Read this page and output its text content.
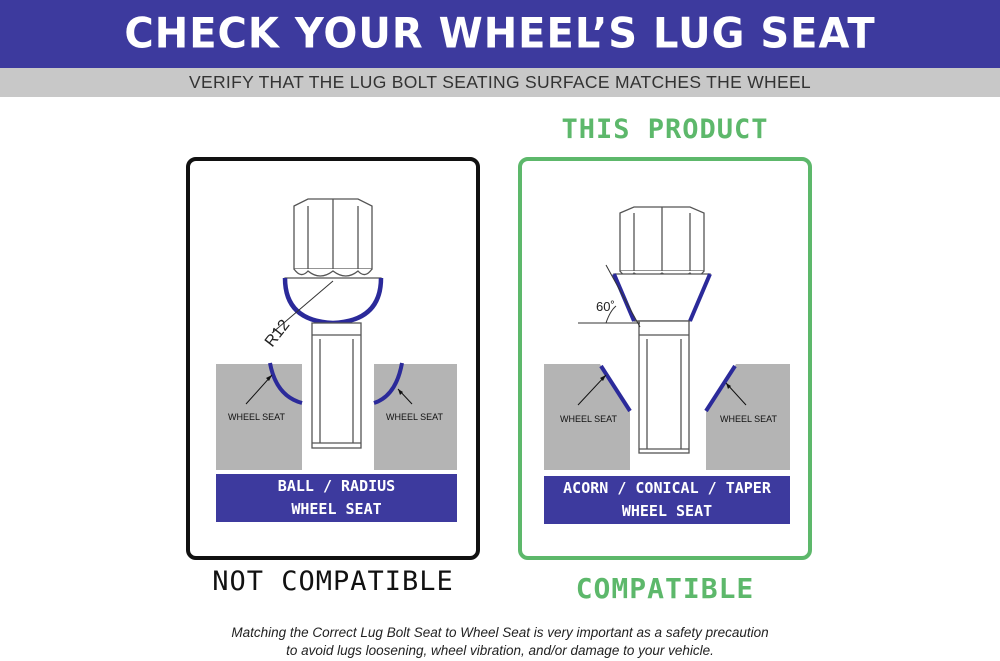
CHECK YOUR WHEEL’S LUG SEAT
VERIFY THAT THE LUG BOLT SEATING SURFACE MATCHES THE WHEEL
THIS PRODUCT
R12
WHEEL SEAT	WHEEL SEAT
BALL / RADIUS
WHEEL SEAT
60˚
WHEEL SEAT	WHEEL SEAT
ACORN / CONICAL / TAPER
WHEEL SEAT
NOT COMPATIBLE	COMPATIBLE
Matching the Correct Lug Bolt Seat to Wheel Seat is very important as a safety precaution
to avoid lugs loosening, wheel vibration, and/or damage to your vehicle.
